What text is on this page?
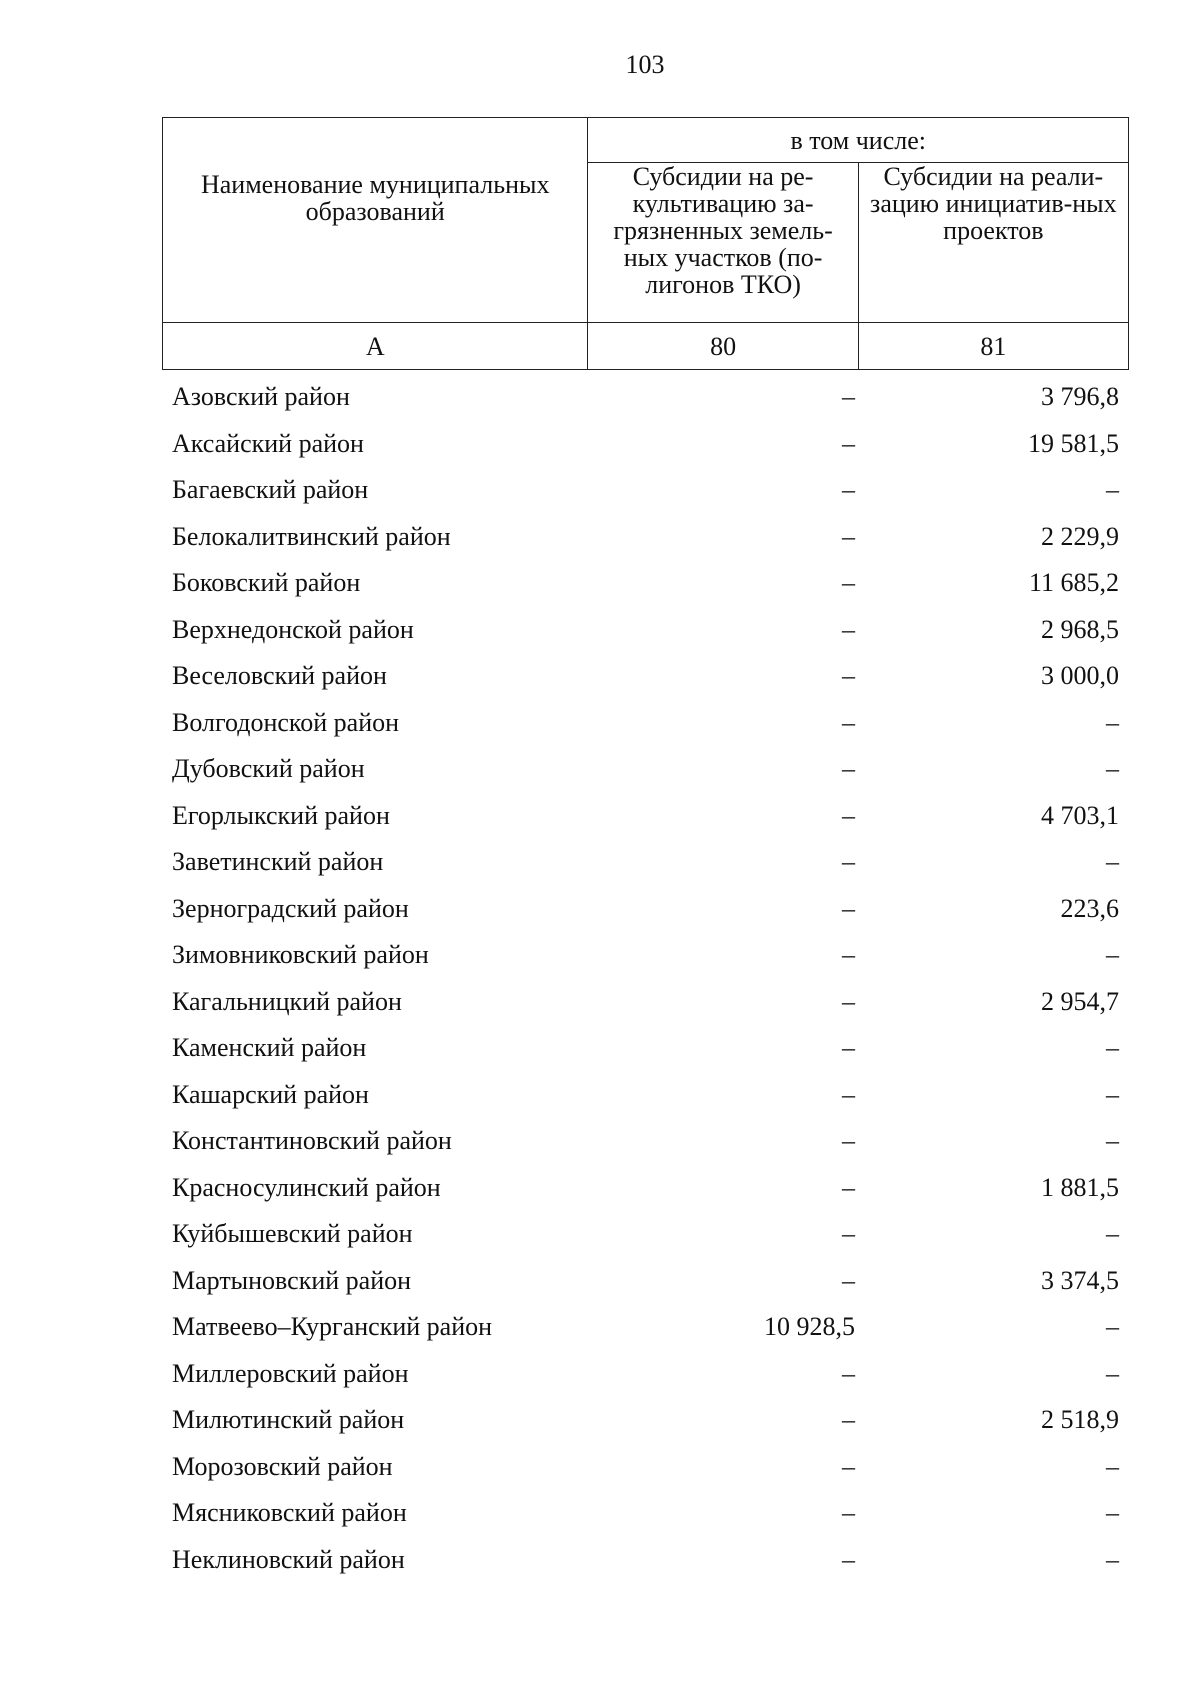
103
Наименование муниципальных образований	в том числе:	
	Субсидии на ре-культивацию за-грязненных земель-ных участков (по-лигонов ТКО)	Субсидии на реали-зацию инициатив-ных проектов
А	80	81
Азовский район	–	3 796,8
Аксайский район	–	19 581,5
Багаевский район	–	–
Белокалитвинский район	–	2 229,9
Боковский район	–	11 685,2
Верхнедонской район	–	2 968,5
Веселовский район	–	3 000,0
Волгодонской район	–	–
Дубовский район	–	–
Егорлыкский район	–	4 703,1
Заветинский район	–	–
Зерноградский район	–	223,6
Зимовниковский район	–	–
Кагальницкий район	–	2 954,7
Каменский район	–	–
Кашарский район	–	–
Константиновский район	–	–
Красносулинский район	–	1 881,5
Куйбышевский район	–	–
Мартыновский район	–	3 374,5
Матвеево–Курганский район	10 928,5	–
Миллеровский район	–	–
Милютинский район	–	2 518,9
Морозовский район	–	–
Мясниковский район	–	–
Неклиновский район	–	–
